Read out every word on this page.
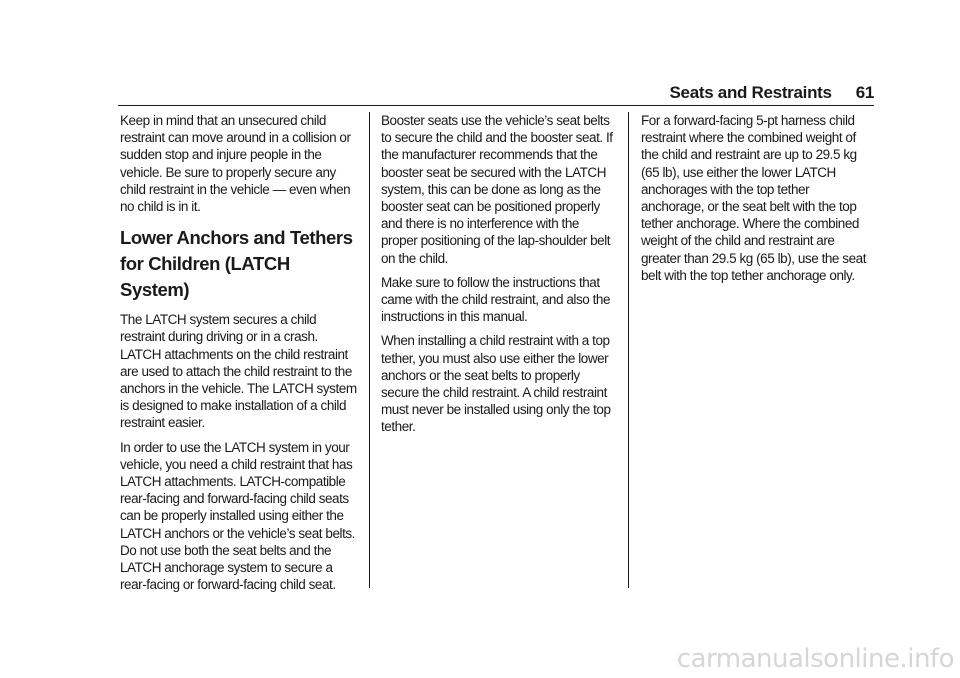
Seats and Restraints 61

Keep in mind that an unsecured child restraint can move around in a collision or sudden stop and injure people in the vehicle. Be sure to properly secure any child restraint in the vehicle — even when no child is in it.

Lower Anchors and Tethers for Children (LATCH System)

The LATCH system secures a child restraint during driving or in a crash. LATCH attachments on the child restraint are used to attach the child restraint to the anchors in the vehicle. The LATCH system is designed to make installation of a child restraint easier.

In order to use the LATCH system in your vehicle, you need a child restraint that has LATCH attachments. LATCH-compatible rear-facing and forward-facing child seats can be properly installed using either the LATCH anchors or the vehicle’s seat belts. Do not use both the seat belts and the LATCH anchorage system to secure a rear-facing or forward-facing child seat.

Booster seats use the vehicle’s seat belts to secure the child and the booster seat. If the manufacturer recommends that the booster seat be secured with the LATCH system, this can be done as long as the booster seat can be positioned properly and there is no interference with the proper positioning of the lap-shoulder belt on the child.

Make sure to follow the instructions that came with the child restraint, and also the instructions in this manual.

When installing a child restraint with a top tether, you must also use either the lower anchors or the seat belts to properly secure the child restraint. A child restraint must never be installed using only the top tether.

For a forward-facing 5-pt harness child restraint where the combined weight of the child and restraint are up to 29.5 kg (65 lb), use either the lower LATCH anchorages with the top tether anchorage, or the seat belt with the top tether anchorage. Where the combined weight of the child and restraint are greater than 29.5 kg (65 lb), use the seat belt with the top tether anchorage only.

carmanualsonline.info
